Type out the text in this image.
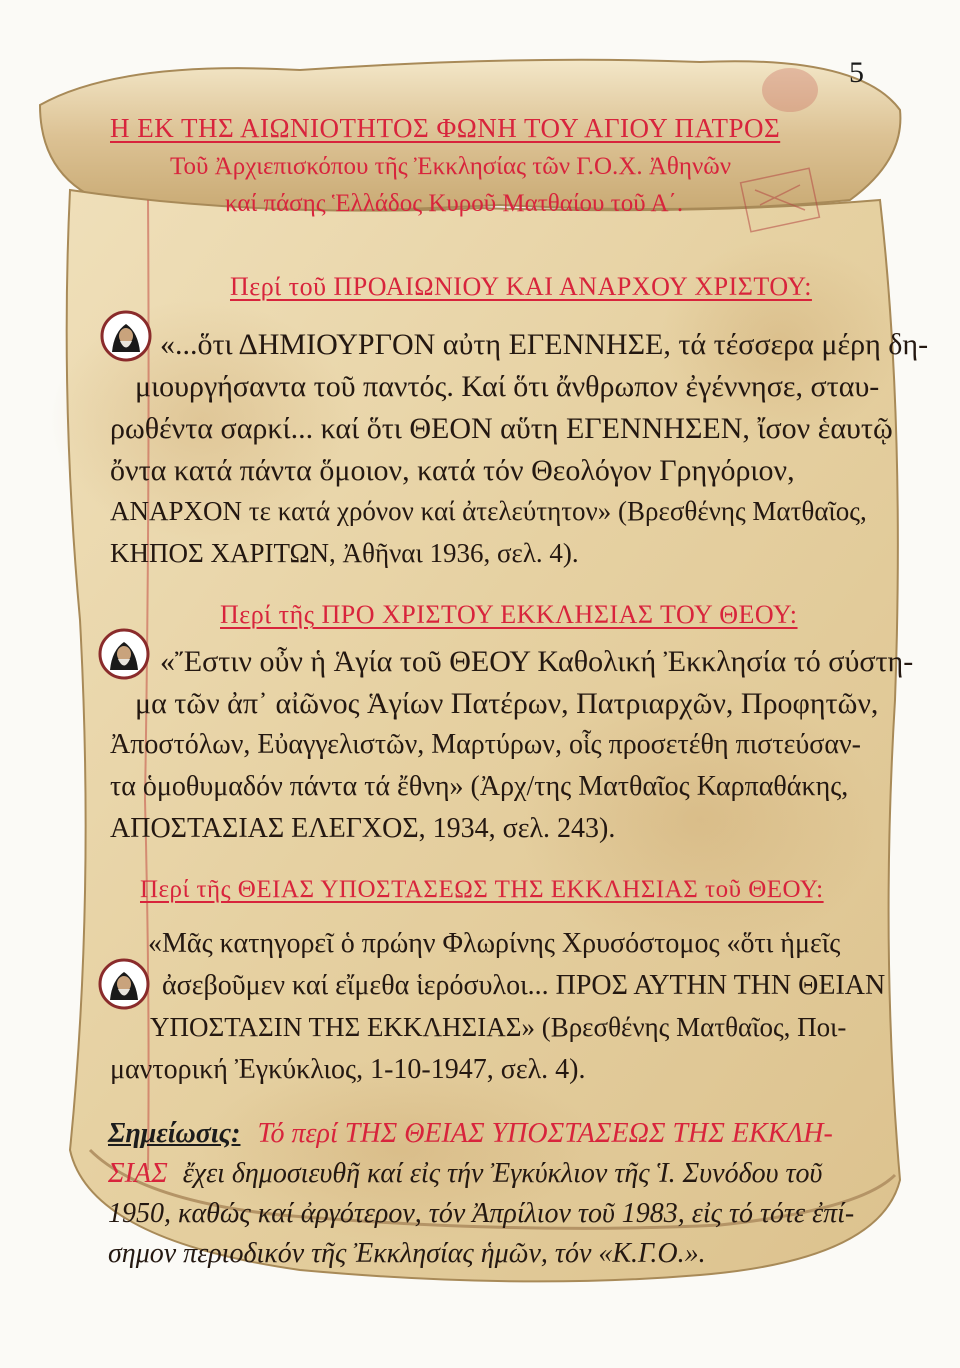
5
Η ΕΚ ΤΗΣ ΑΙΩΝΙΟΤΗΤΟΣ ΦΩΝΗ ΤΟΥ ΑΓΙΟΥ ΠΑΤΡΟΣ
Τοῦ Ἀρχιεπισκόπου τῆς Ἐκκλησίας τῶν Γ.Ο.Χ. Ἀθηνῶν
καί πάσης Ἑλλάδος Κυροῦ Ματθαίου τοῦ Α΄.
Περί τοῦ ΠΡΟΑΙΩΝΙΟΥ ΚΑΙ ΑΝΑΡΧΟΥ ΧΡΙΣΤΟΥ:
«...ὅτι ΔΗΜΙΟΥΡΓΟΝ αὐτη ΕΓΕΝΝΗΣΕ, τά τέσσερα μέρη δη-
μιουργήσαντα τοῦ παντός. Καί ὅτι ἄνθρωπον ἐγέννησε, σταυ-
ρωθέντα σαρκί... καί ὅτι ΘΕΟΝ αὕτη ΕΓΕΝΝΗΣΕΝ, ἴσον ἑαυτῷ
ὄντα κατά πάντα ὅμοιον, κατά τόν Θεολόγον Γρηγόριον,
ΑΝΑΡΧΟΝ τε κατά χρόνον καί ἀτελεύτητον» (Βρεσθένης Ματθαῖος,
ΚΗΠΟΣ ΧΑΡΙΤΩΝ, Ἀθῆναι 1936, σελ. 4).
Περί τῆς ΠΡΟ ΧΡΙΣΤΟΥ ΕΚΚΛΗΣΙΑΣ ΤΟΥ ΘΕΟΥ:
«Ἔστιν οὖν ἡ Ἁγία τοῦ ΘΕΟΥ Καθολική Ἐκκλησία τό σύστη-
μα τῶν ἀπ᾽ αἰῶνος Ἁγίων Πατέρων, Πατριαρχῶν, Προφητῶν,
Ἀποστόλων, Εὐαγγελιστῶν, Μαρτύρων, οἷς προσετέθη πιστεύσαν-
τα ὁμοθυμαδόν πάντα τά ἔθνη» (Ἀρχ/της Ματθαῖος Καρπαθάκης,
ΑΠΟΣΤΑΣΙΑΣ ΕΛΕΓΧΟΣ, 1934, σελ. 243).
Περί τῆς ΘΕΙΑΣ ΥΠΟΣΤΑΣΕΩΣ ΤΗΣ ΕΚΚΛΗΣΙΑΣ τοῦ ΘΕΟΥ:
«Μᾶς κατηγορεῖ ὁ πρώην Φλωρίνης Χρυσόστομος «ὅτι ἡμεῖς
ἀσεβοῦμεν καί εἴμεθα ἱερόσυλοι... ΠΡΟΣ ΑΥΤΗΝ ΤΗΝ ΘΕΙΑΝ
ΥΠΟΣΤΑΣΙΝ ΤΗΣ ΕΚΚΛΗΣΙΑΣ» (Βρεσθένης Ματθαῖος, Ποι-
μαντορική Ἐγκύκλιος, 1-10-1947, σελ. 4).
Σημείωσις: Τό περί ΤΗΣ ΘΕΙΑΣ ΥΠΟΣΤΑΣΕΩΣ ΤΗΣ ΕΚΚΛΗ-
ΣΙΑΣ ἔχει δημοσιευθῆ καί εἰς τήν Ἐγκύκλιον τῆς Ἱ. Συνόδου τοῦ
1950, καθώς καί ἀργότερον, τόν Ἀπρίλιον τοῦ 1983, εἰς τό τότε ἐπί-
σημον περιοδικόν τῆς Ἐκκλησίας ἡμῶν, τόν «Κ.Γ.Ο.».
